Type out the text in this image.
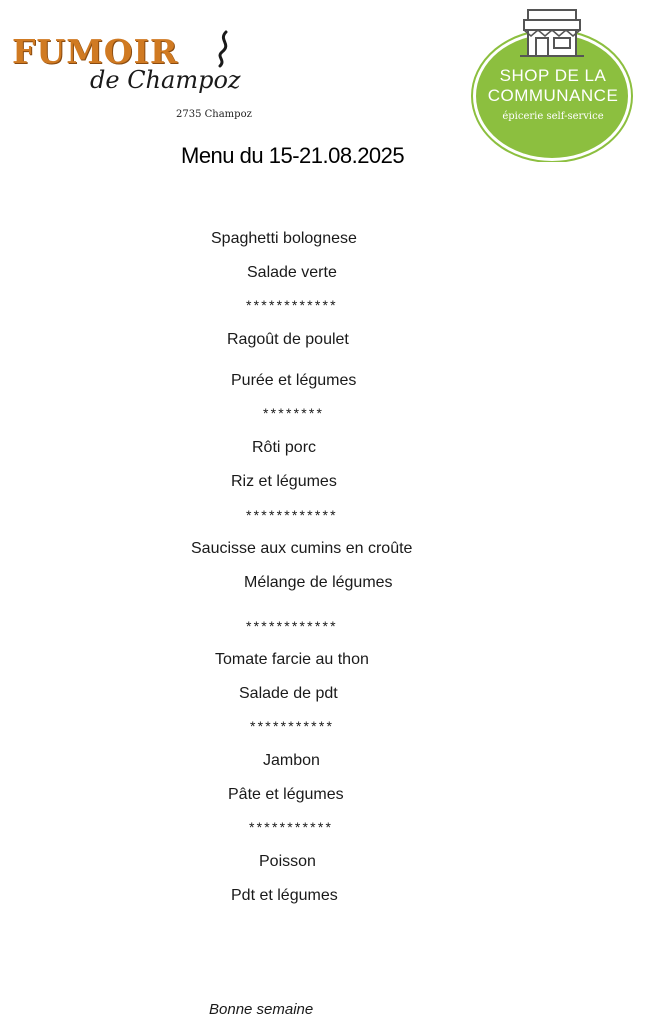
FUMOIR
de Champoz
2735 Champoz
SHOP DE LA
COMMUNANCE
épicerie self-service
Menu du 15-21.08.2025
Spaghetti bolognese
Salade verte
************
Ragoût de poulet
Purée et légumes
********
Rôti porc
Riz et légumes
************
Saucisse aux cumins en croûte
Mélange de légumes
************
Tomate farcie au thon
Salade de pdt
***********
Jambon
Pâte et légumes
***********
Poisson
Pdt et légumes
Bonne semaine
